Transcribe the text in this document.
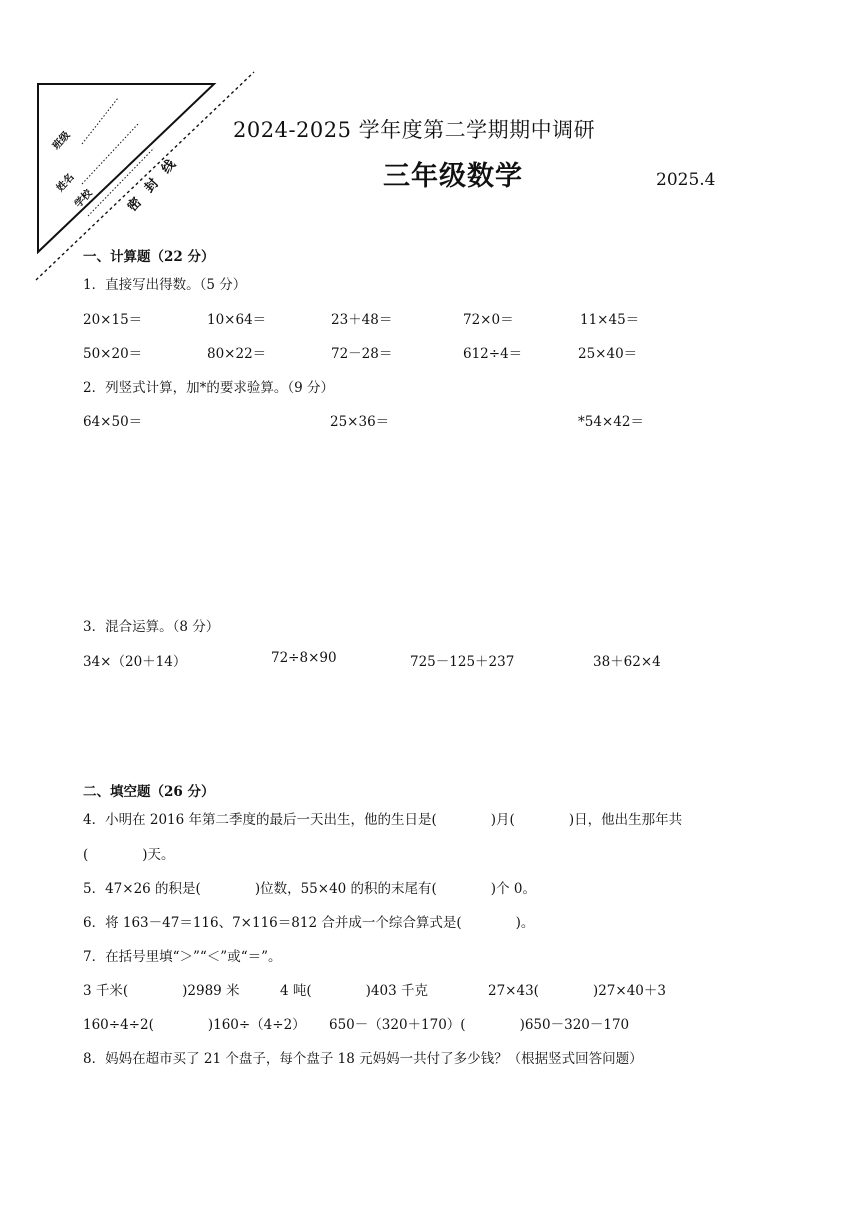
班级
姓名
学校 密 封 线
2024-2025 学年度第二学期期中调研
三年级数学	2025.4
一、计算题（22 分）
1．直接写出得数。（5 分）
20×15＝	10×64＝	23＋48＝	72×0＝	11×45＝
50×20＝	80×22＝	72－28＝	612÷4＝	25×40＝
2．列竖式计算，加*的要求验算。（9 分）
64×50＝	25×36＝	*54×42＝
3．混合运算。（8 分）
34×（20＋14）	72÷8×90	725－125＋237	38＋62×4
二、填空题（26 分）
4．小明在 2016 年第二季度的最后一天出生，他的生日是(　　　　)月(　　　　)日，他出生那年共
(　　　　)天。
5．47×26 的积是(　　　　)位数，55×40 的积的末尾有(　　　　)个 0。
6．将 163－47＝116、7×116＝812 合并成一个综合算式是(　　　　)。
7．在括号里填“＞”“＜”或“＝”。
3 千米(　　　　)2989 米	4 吨(　　　　)403 千克	27×43(　　　　)27×40＋3
160÷4÷2(　　　　)160÷（4÷2） 650－（320＋170）(　　　　)650－320－170
8．妈妈在超市买了 21 个盘子，每个盘子 18 元妈妈一共付了多少钱？（根据竖式回答问题）
